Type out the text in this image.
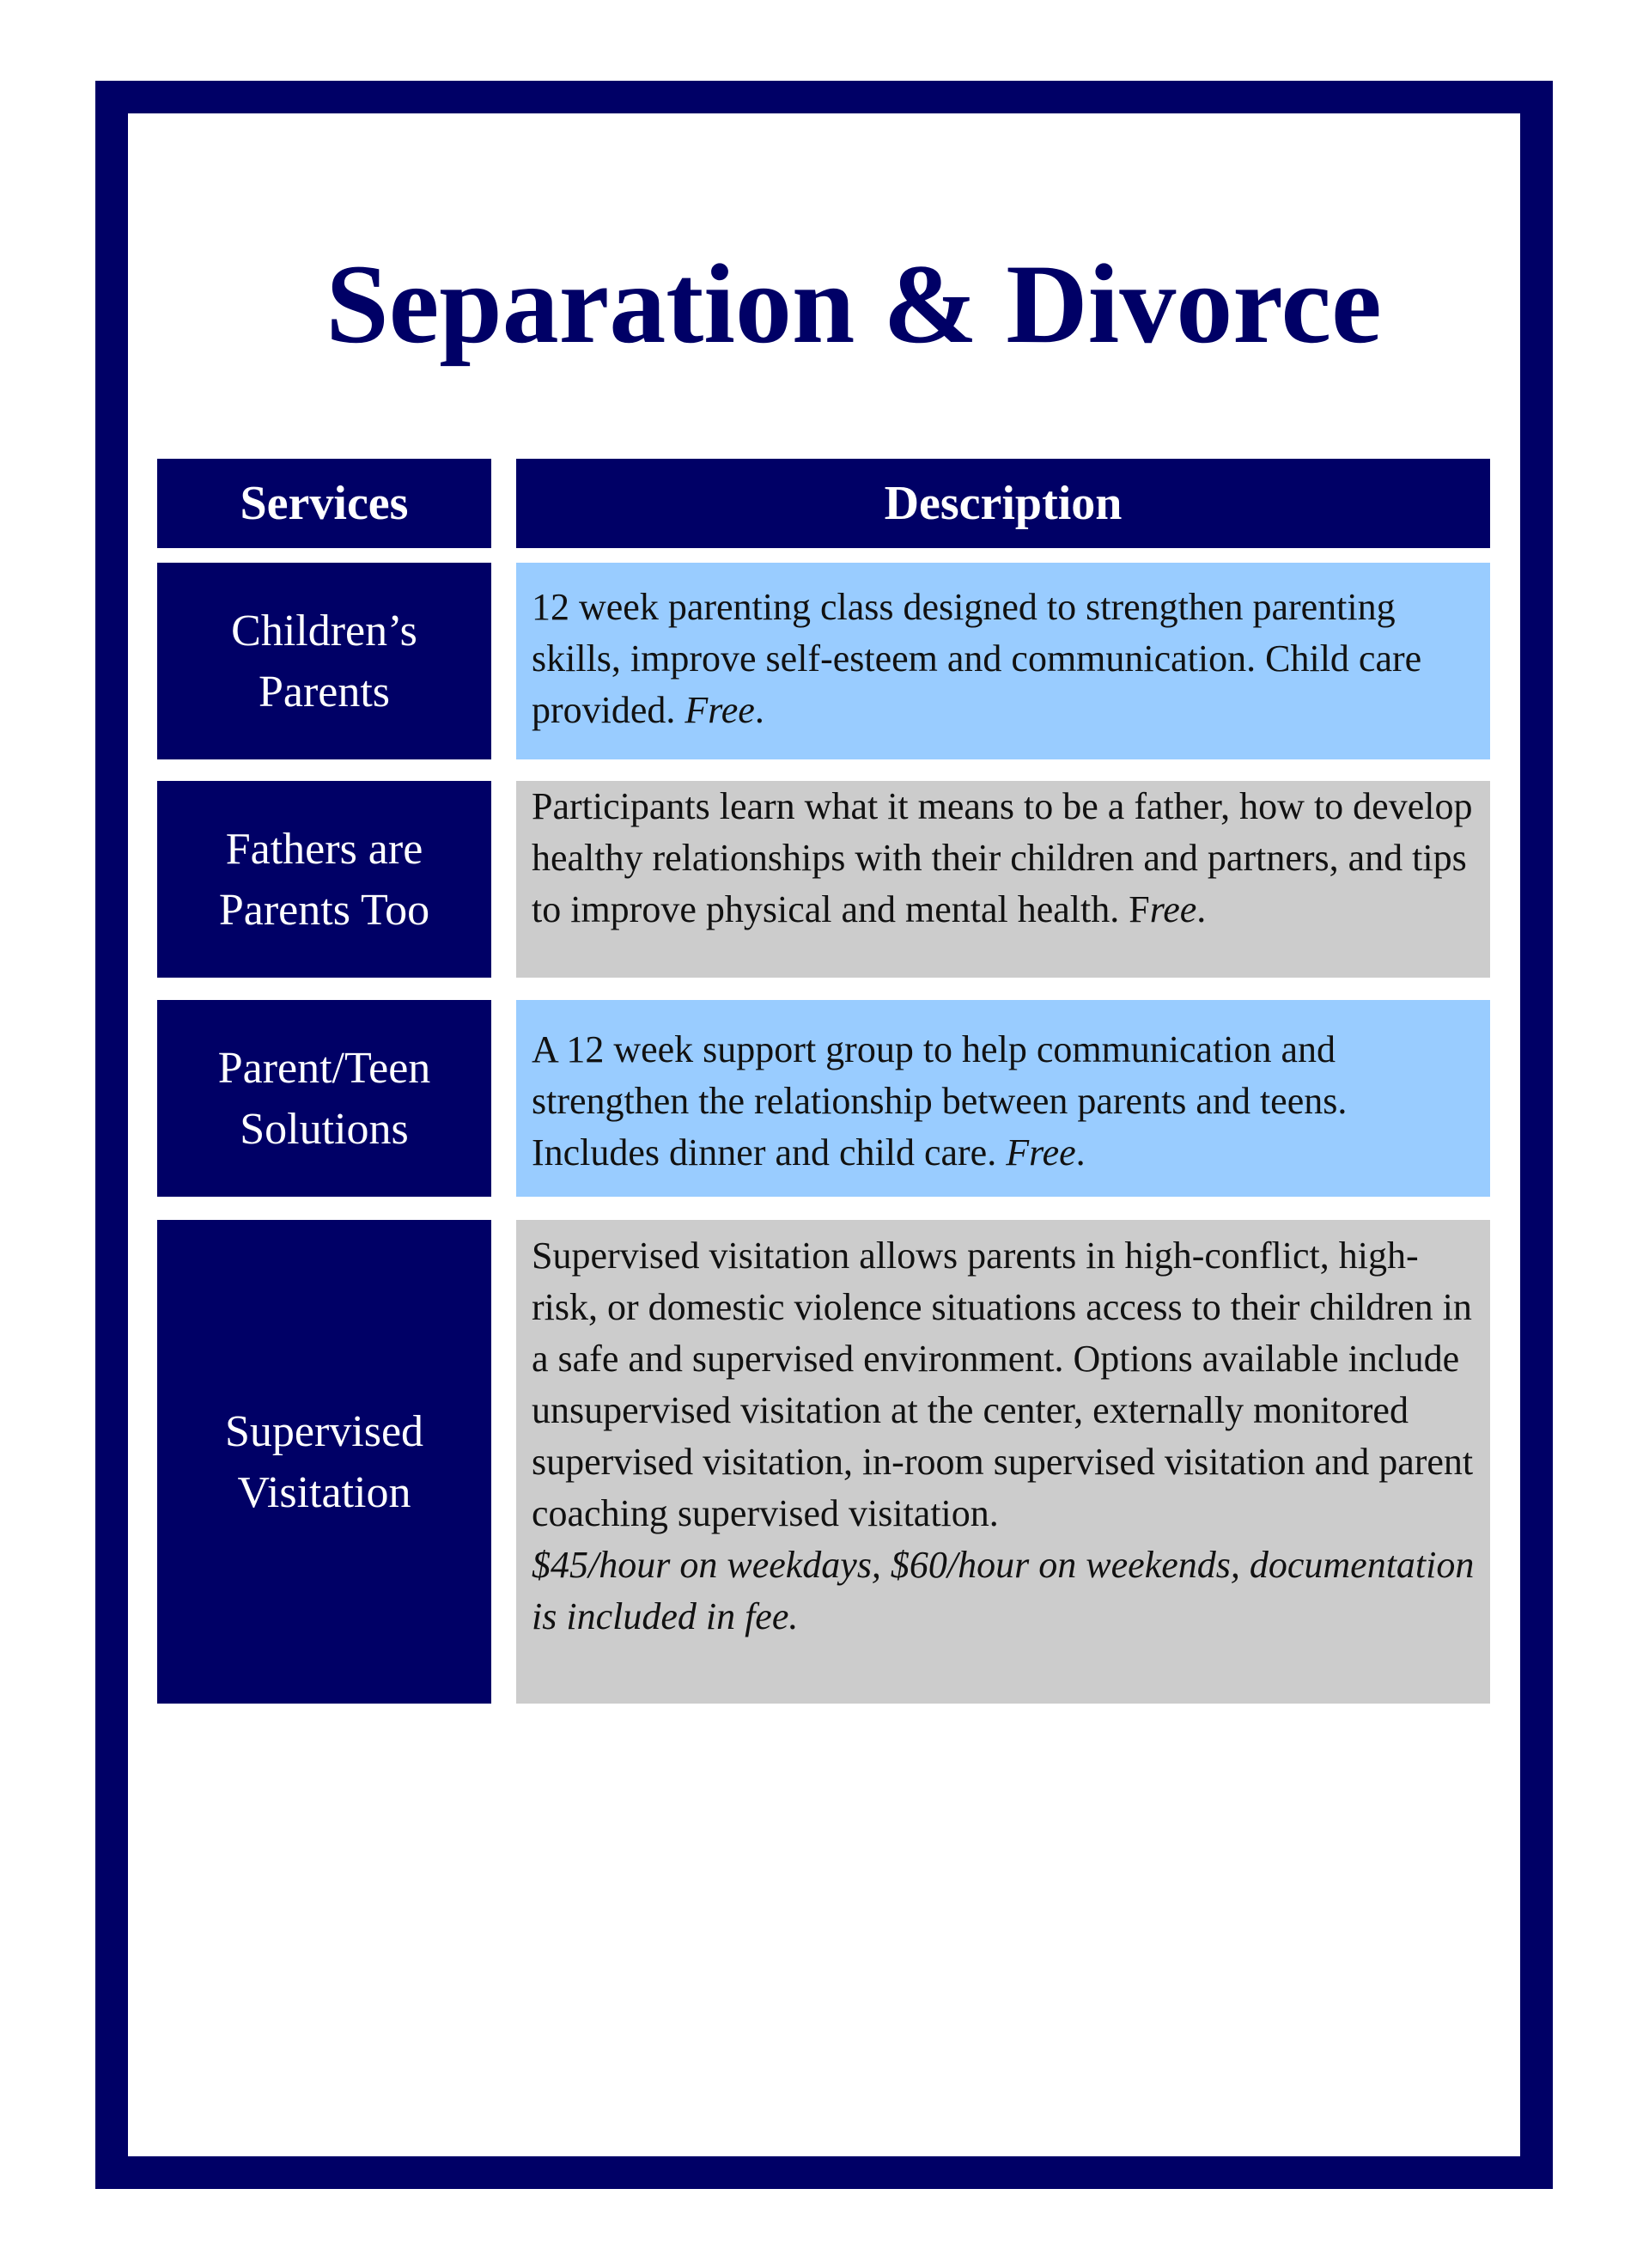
Separation & Divorce
Services	Description
Children’s Parents

12 week parenting class designed to strengthen parenting skills, improve self-esteem and communication. Child care provided. Free.

Fathers are Parents Too

Participants learn what it means to be a father, how to develop healthy relationships with their children and partners, and tips to improve physical and mental health. Free.

Parent/Teen Solutions

A 12 week support group to help communication and strengthen the relationship between parents and teens. Includes dinner and child care. Free.

Supervised Visitation

Supervised visitation allows parents in high-conflict, high-risk, or domestic violence situations access to their children in a safe and supervised environment. Options available include unsupervised visitation at the center, externally monitored supervised visitation, in-room supervised visitation and parent coaching supervised visitation.

$45/hour on weekdays, $60/hour on weekends, documentation is included in fee.
